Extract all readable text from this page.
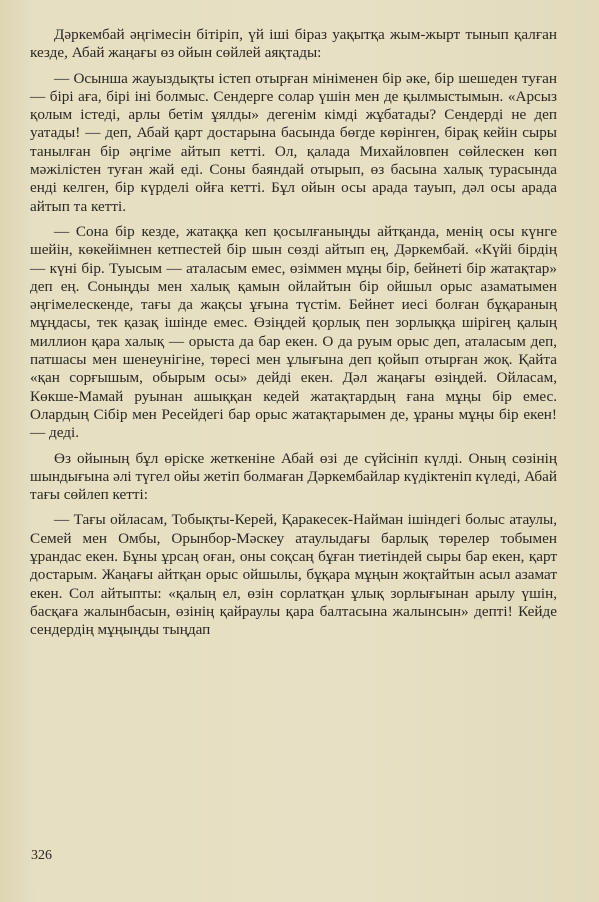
Дәркембай әңгімесін бітіріп, үй іші біраз уақытқа жым-жырт тынып қалған кезде, Абай жаңағы өз ойын сөйлей аяқтады:

— Осынша жауыздықты істеп отырған мініменен бір әке, бір шешеден туған — бірі аға, бірі іні болмыс. Сендерге солар үшін мен де қылмыстымын. «Арсыз қолым істеді, арлы бетім ұялды» дегенім кімді жұбатады? Сендерді не деп уатады! — деп, Абай қарт достарына басында бөгде көрінген, бірақ кейін сыры танылған бір әңгіме айтып кетті. Ол, қалада Михайловпен сөйлескен көп мәжілістен туған жай еді. Соны баяндай отырып, өз басына халық турасында енді келген, бір күрделі ойға кетті. Бұл ойын осы арада тауып, дәл осы арада айтып та кетті.

— Сона бір кезде, жатаққа кеп қосылғаныңды айтқанда, менің осы күнге шейін, көкейімнен кетпестей бір шын сөзді айтып ең, Дәркембай. «Күйі бірдің — күні бір. Туысым — аталасым емес, өзіммен мұңы бір, бейнеті бір жатақтар» деп ең. Соныңды мен халық қамын ойлайтын бір ойшыл орыс азаматымен әңгімелескенде, тағы да жақсы ұғына түстім. Бейнет иесі болған бұқараның мұңдасы, тек қазақ ішінде емес. Өзіңдей қорлық пен зорлыққа шірігең қалың миллион қара халық — орыста да бар екен. О да руым орыс деп, аталасым деп, патшасы мен шенеунігіне, төресі мен ұлығына деп қойып отырған жоқ. Қайта «қан сорғышым, обырым осы» дейді екен. Дәл жаңағы өзіңдей. Ойласам, Көкше-Мамай руынан ашыққан кедей жатақтардың ғана мұңы бір емес. Олардың Сібір мен Ресейдегі бар орыс жатақтарымен де, ұраны мұңы бір екен! — деді.

Өз ойының бұл өріске жеткеніне Абай өзі де сүйсініп күлді. Оның сөзінің шындығына әлі түгел ойы жетіп болмаған Дәркембайлар күдіктеніп күледі, Абай тағы сөйлеп кетті:

— Тағы ойласам, Тобықты-Керей, Қаракесек-Найман ішіндегі болыс атаулы, Семей мен Омбы, Орынбор-Мәскеу атаулыдағы барлық төрелер тобымен ұрандас екен. Бұны ұрсаң оған, оны соқсаң бұған тиетіндей сыры бар екен, қарт достарым. Жаңағы айтқан орыс ойшылы, бұқара мұңын жоқтайтын асыл азамат екен. Сол айтыпты: «қалың ел, өзін сорлатқан ұлық зорлығынан арылу үшін, басқаға жалынбасын, өзінің қайраулы қара балтасына жалынсын» депті! Кейде сендердің мұңыңды тыңдап

326
